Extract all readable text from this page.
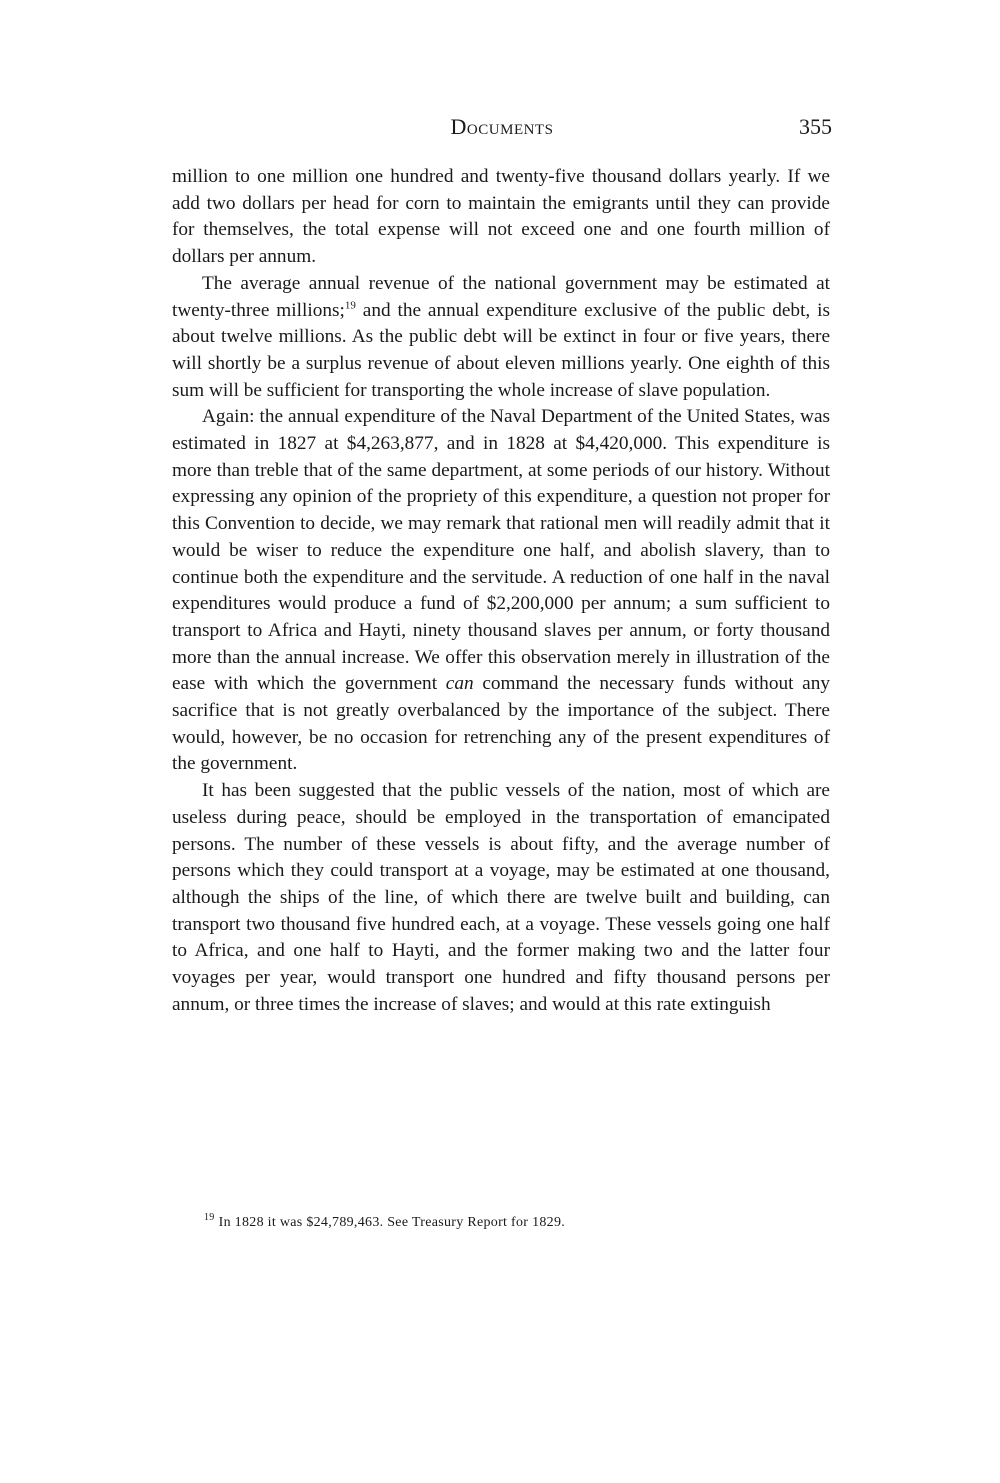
Documents	355

million to one million one hundred and twenty-five thousand dollars yearly. If we add two dollars per head for corn to maintain the emigrants until they can provide for themselves, the total expense will not exceed one and one fourth million of dollars per annum.

The average annual revenue of the national government may be estimated at twenty-three millions;$^{19}$ and the annual expenditure exclusive of the public debt, is about twelve millions. As the public debt will be extinct in four or five years, there will shortly be a surplus revenue of about eleven millions yearly. One eighth of this sum will be sufficient for transporting the whole increase of slave population.

Again: the annual expenditure of the Naval Department of the United States, was estimated in 1827 at $4,263,877, and in 1828 at $4,420,000. This expenditure is more than treble that of the same department, at some periods of our history. Without expressing any opinion of the propriety of this expenditure, a question not proper for this Convention to decide, we may remark that rational men will readily admit that it would be wiser to reduce the expenditure one half, and abolish slavery, than to continue both the expenditure and the servitude. A reduction of one half in the naval expenditures would produce a fund of $2,200,000 per annum; a sum sufficient to transport to Africa and Hayti, ninety thousand slaves per annum, or forty thousand more than the annual increase. We offer this observation merely in illustration of the ease with which the government can command the necessary funds without any sacrifice that is not greatly overbalanced by the importance of the subject. There would, however, be no occasion for retrenching any of the present expenditures of the government.

It has been suggested that the public vessels of the nation, most of which are useless during peace, should be employed in the transportation of emancipated persons. The number of these vessels is about fifty, and the average number of persons which they could transport at a voyage, may be estimated at one thousand, although the ships of the line, of which there are twelve built and building, can transport two thousand five hundred each, at a voyage. These vessels going one half to Africa, and one half to Hayti, and the former making two and the latter four voyages per year, would transport one hundred and fifty thousand persons per annum, or three times the increase of slaves; and would at this rate extinguish

$^{19}$ In 1828 it was $24,789,463. See Treasury Report for 1829.
